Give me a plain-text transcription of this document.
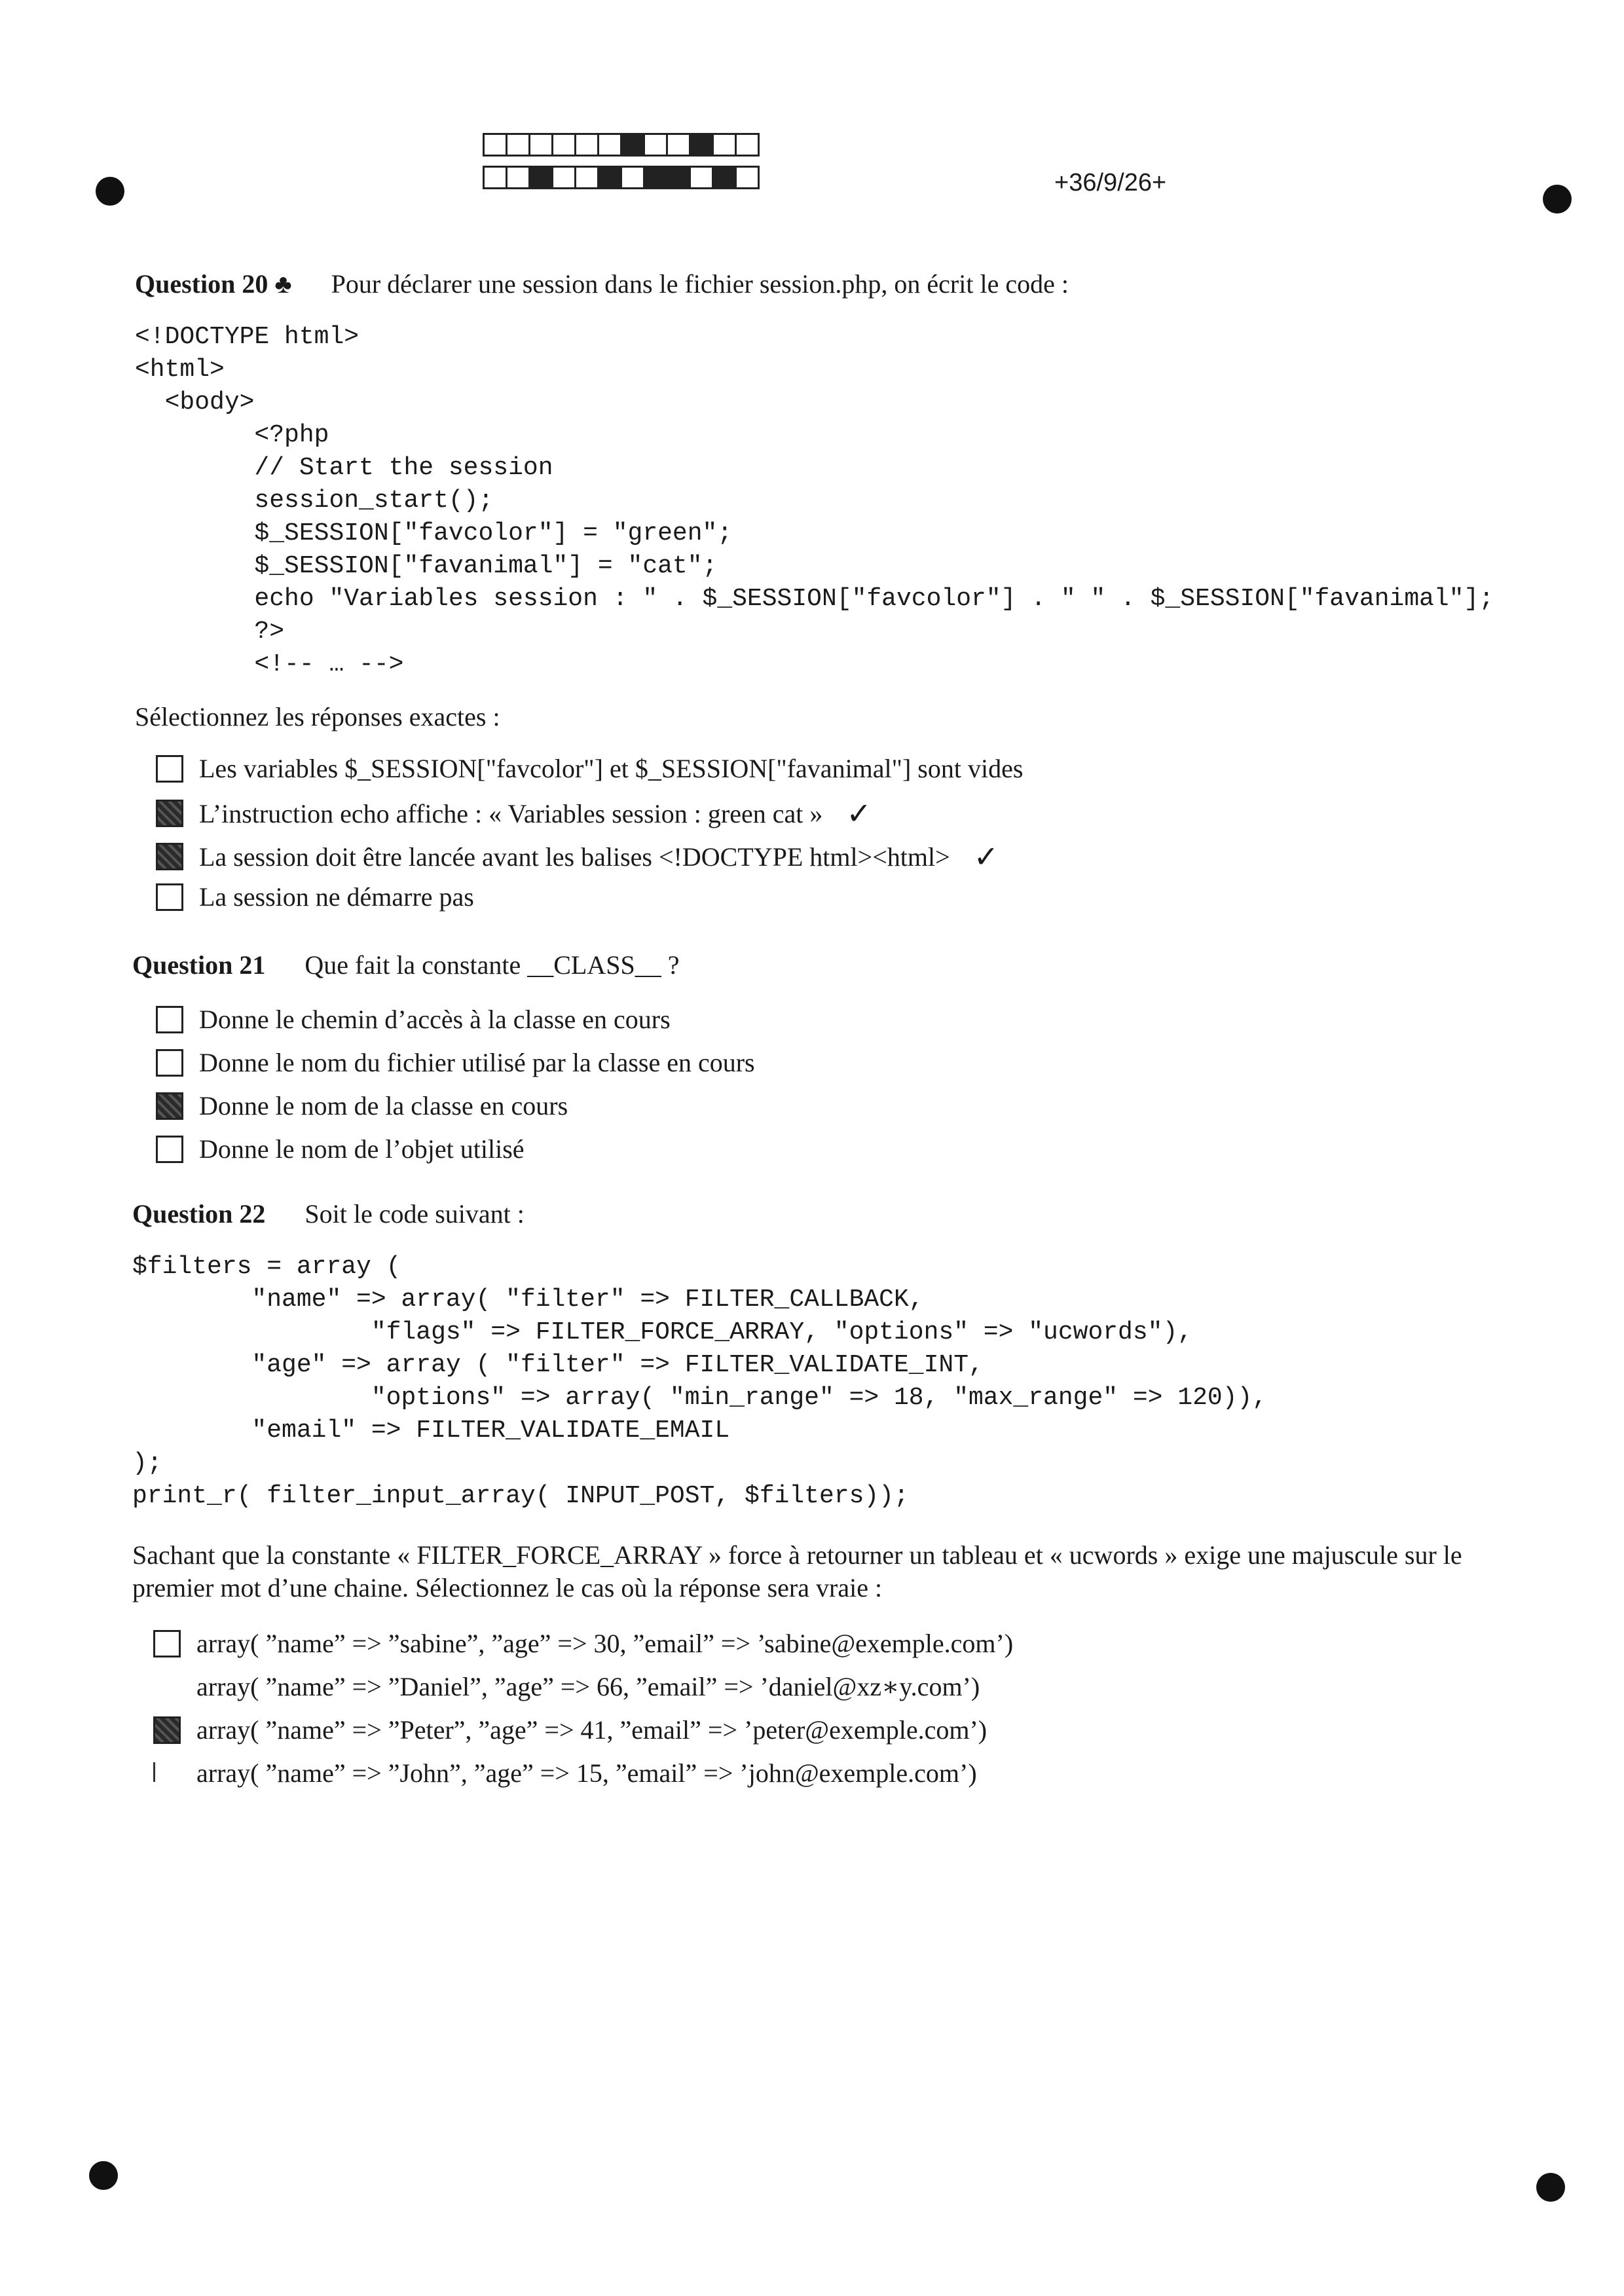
+36/9/26+
Question 20 ♣ Pour déclarer une session dans le fichier session.php, on écrit le code :
<!DOCTYPE html>
<html>
<body>
<?php
// Start the session
session_start();
$_SESSION["favcolor"] = "green";
$_SESSION["favanimal"] = "cat";
echo "Variables session : " . $_SESSION["favcolor"] . " " . $_SESSION["favanimal"];
?>
<!-- … -->
Sélectionnez les réponses exactes :
Les variables $_SESSION["favcolor"] et $_SESSION["favanimal"] sont vides
L’instruction echo affiche : « Variables session : green cat » ✓
La session doit être lancée avant les balises <!DOCTYPE html><html> ✓
La session ne démarre pas
Question 21 Que fait la constante __CLASS__ ?
Donne le chemin d’accès à la classe en cours
Donne le nom du fichier utilisé par la classe en cours
Donne le nom de la classe en cours
Donne le nom de l’objet utilisé
Question 22 Soit le code suivant :
$filters = array (
"name" => array( "filter" => FILTER_CALLBACK,
"flags" => FILTER_FORCE_ARRAY, "options" => "ucwords"),
"age" => array ( "filter" => FILTER_VALIDATE_INT,
"options" => array( "min_range" => 18, "max_range" => 120)),
"email" => FILTER_VALIDATE_EMAIL
);
print_r( filter_input_array( INPUT_POST, $filters));
Sachant que la constante « FILTER_FORCE_ARRAY » force à retourner un tableau et « ucwords » exige une majuscule sur le premier mot d’une chaine. Sélectionnez le cas où la réponse sera vraie :
array( ”name” => ”sabine”, ”age” => 30, ”email” => ’sabine@exemple.com’)
array( ”name” => ”Daniel”, ”age” => 66, ”email” => ’daniel@xz∗y.com’)
array( ”name” => ”Peter”, ”age” => 41, ”email” => ’peter@exemple.com’)
array( ”name” => ”John”, ”age” => 15, ”email” => ’john@exemple.com’)
